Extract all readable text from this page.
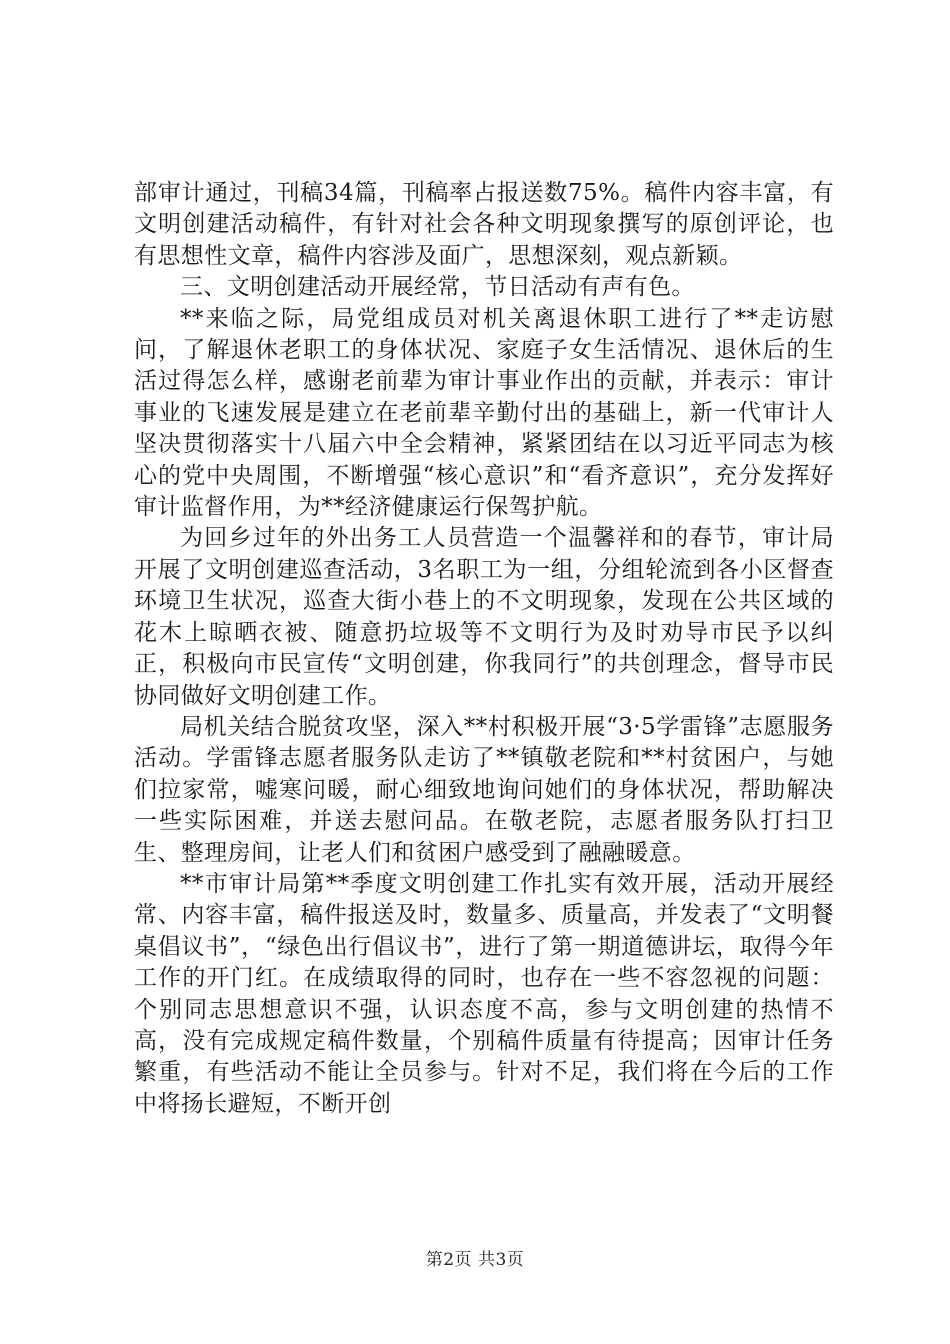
部审计通过，刊稿34篇，刊稿率占报送数75%。稿件内容丰富，有文明创建活动稿件，有针对社会各种文明现象撰写的原创评论，也有思想性文章，稿件内容涉及面广，思想深刻，观点新颖。

三、文明创建活动开展经常，节日活动有声有色。

**来临之际，局党组成员对机关离退休职工进行了**走访慰问，了解退休老职工的身体状况、家庭子女生活情况、退休后的生活过得怎么样，感谢老前辈为审计事业作出的贡献，并表示：审计事业的飞速发展是建立在老前辈辛勤付出的基础上，新一代审计人坚决贯彻落实十八届六中全会精神，紧紧团结在以习近平同志为核心的党中央周围，不断增强“核心意识”和“看齐意识”，充分发挥好审计监督作用，为**经济健康运行保驾护航。

为回乡过年的外出务工人员营造一个温馨祥和的春节，审计局开展了文明创建巡查活动，3名职工为一组，分组轮流到各小区督查环境卫生状况，巡查大街小巷上的不文明现象，发现在公共区域的花木上晾晒衣被、随意扔垃圾等不文明行为及时劝导市民予以纠正，积极向市民宣传“文明创建，你我同行”的共创理念，督导市民协同做好文明创建工作。

局机关结合脱贫攻坚，深入**村积极开展“3·5学雷锋”志愿服务活动。学雷锋志愿者服务队走访了**镇敬老院和**村贫困户，与她们拉家常，嘘寒问暖，耐心细致地询问她们的身体状况，帮助解决一些实际困难，并送去慰问品。在敬老院，志愿者服务队打扫卫生、整理房间，让老人们和贫困户感受到了融融暖意。

**市审计局第**季度文明创建工作扎实有效开展，活动开展经常、内容丰富，稿件报送及时，数量多、质量高，并发表了“文明餐桌倡议书”，“绿色出行倡议书”，进行了第一期道德讲坛，取得今年工作的开门红。在成绩取得的同时，也存在一些不容忽视的问题：个别同志思想意识不强，认识态度不高，参与文明创建的热情不高，没有完成规定稿件数量，个别稿件质量有待提高；因审计任务繁重，有些活动不能让全员参与。针对不足，我们将在今后的工作中将扬长避短，不断开创

第2页 共3页
